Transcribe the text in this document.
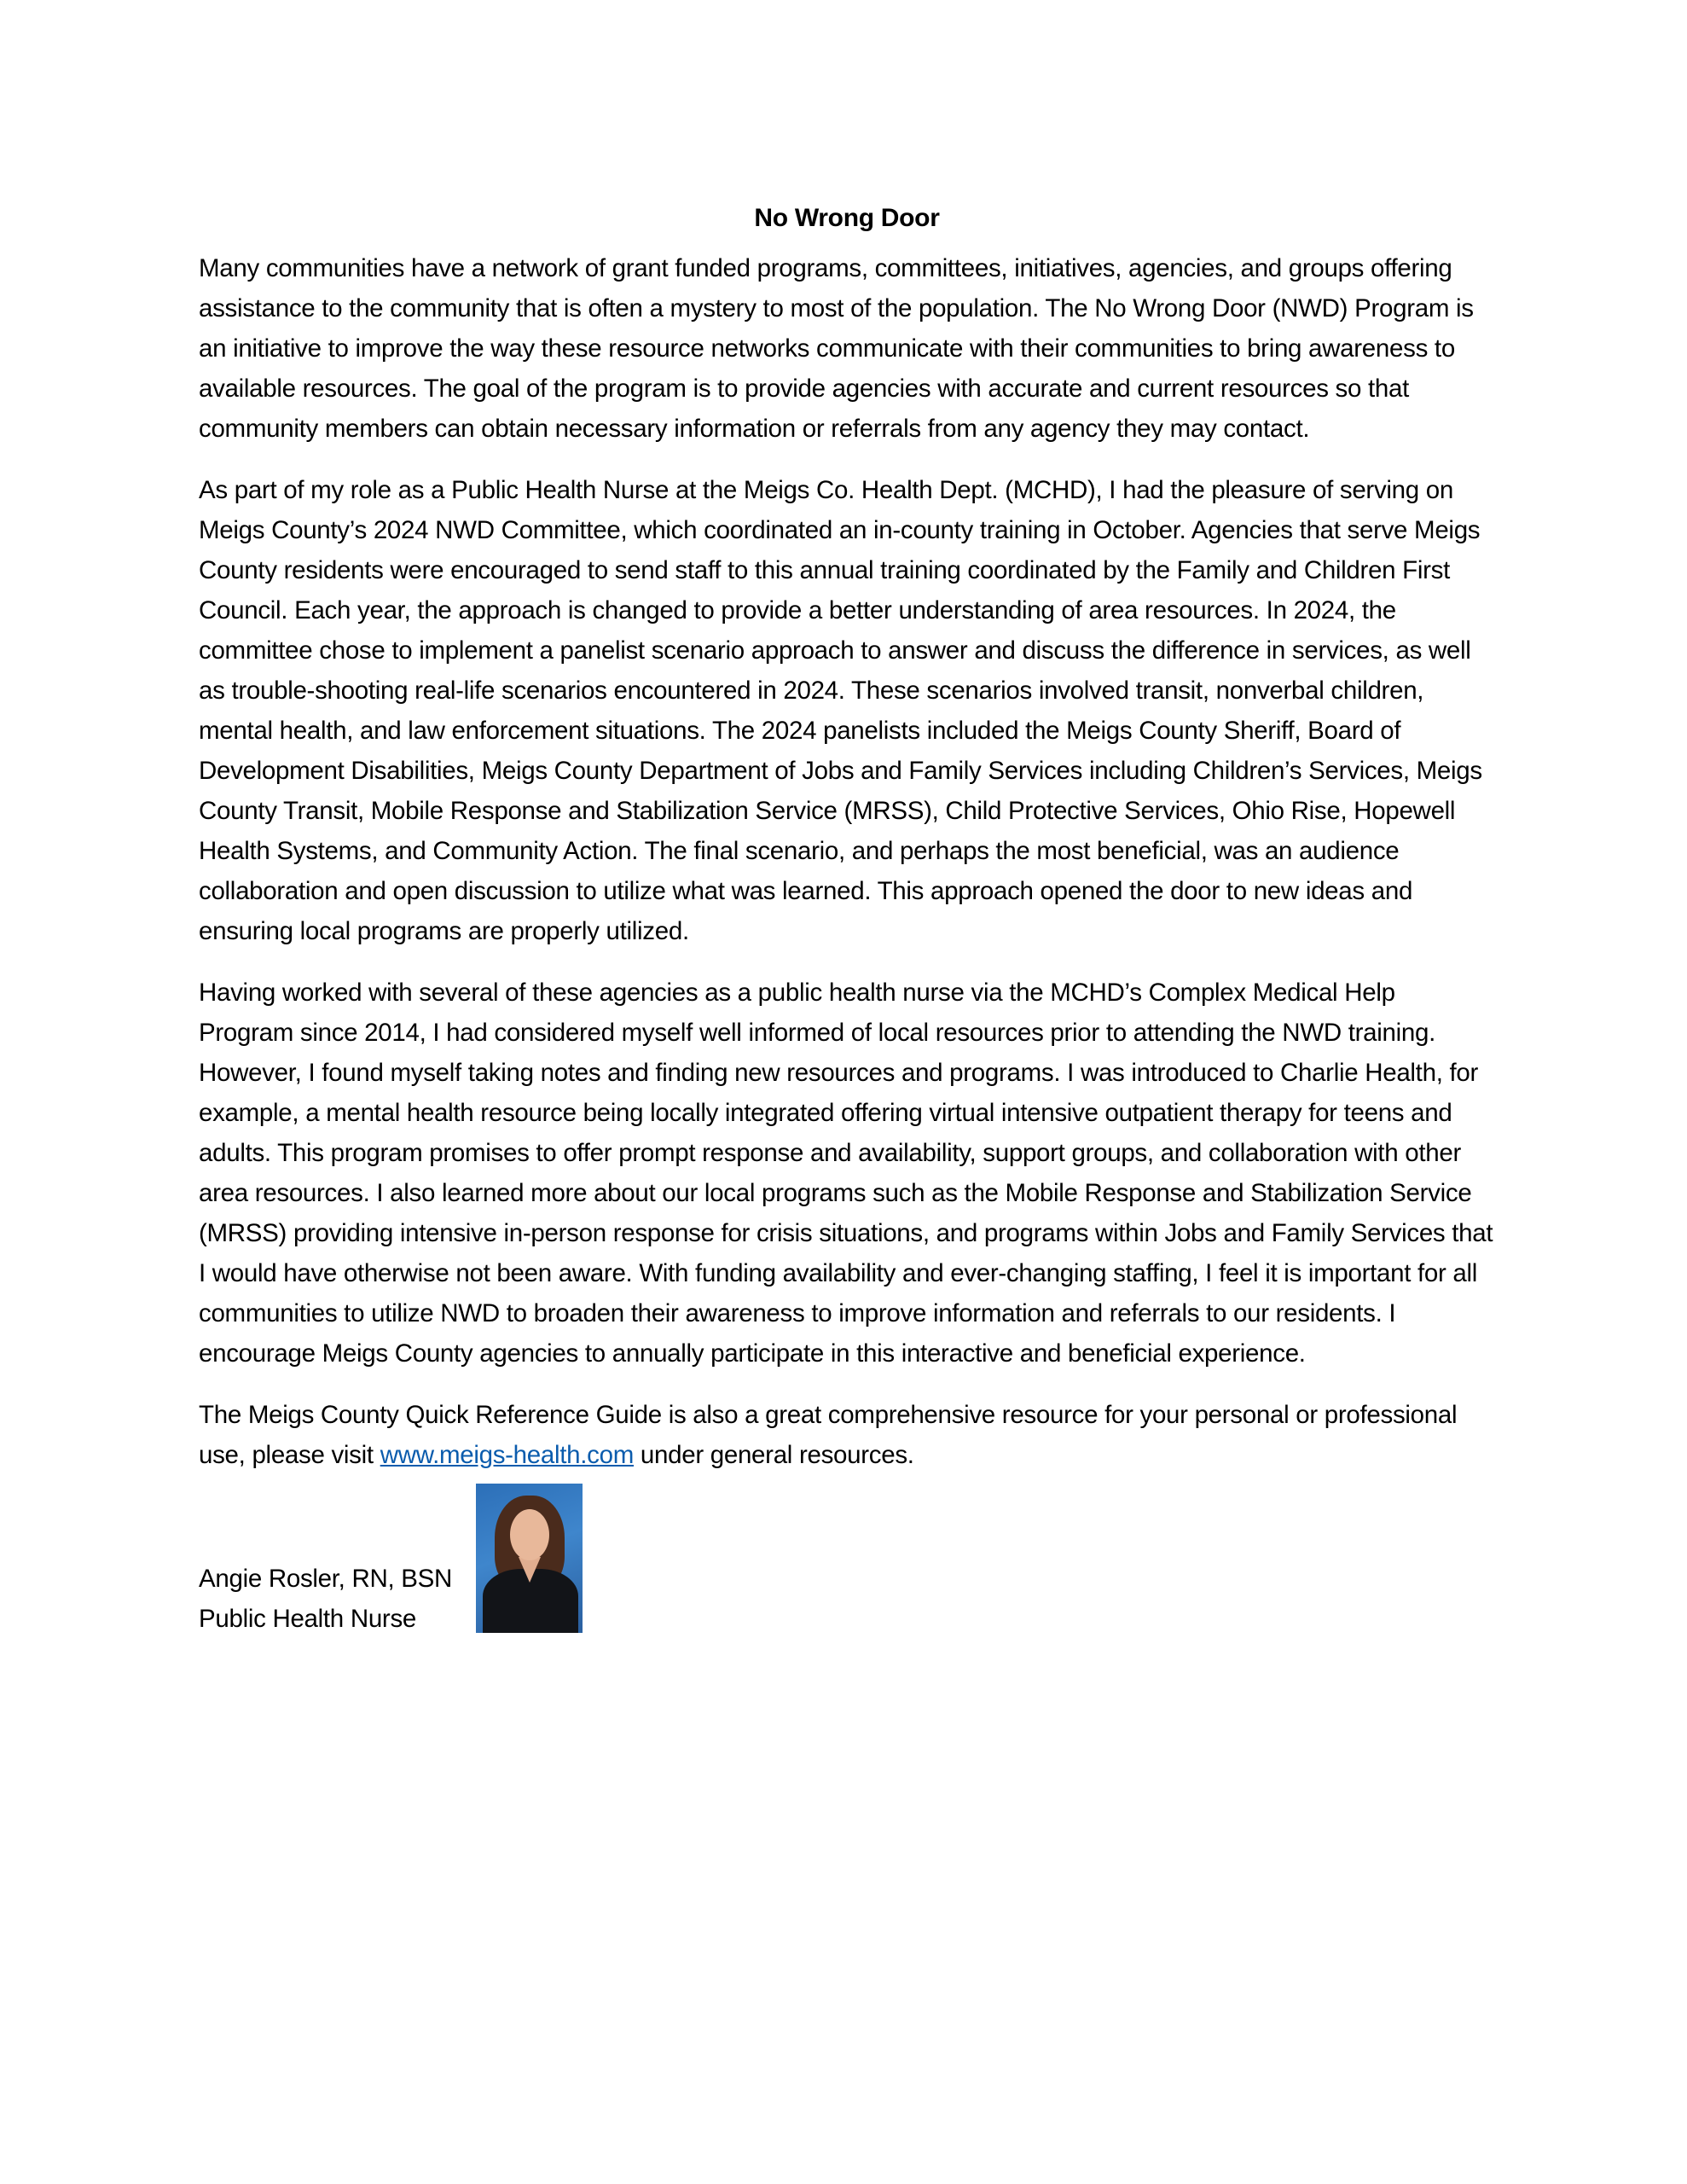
No Wrong Door

Many communities have a network of grant funded programs, committees, initiatives, agencies, and groups offering assistance to the community that is often a mystery to most of the population. The No Wrong Door (NWD) Program is an initiative to improve the way these resource networks communicate with their communities to bring awareness to available resources. The goal of the program is to provide agencies with accurate and current resources so that community members can obtain necessary information or referrals from any agency they may contact.

As part of my role as a Public Health Nurse at the Meigs Co. Health Dept. (MCHD), I had the pleasure of serving on Meigs County’s 2024 NWD Committee, which coordinated an in-county training in October. Agencies that serve Meigs County residents were encouraged to send staff to this annual training coordinated by the Family and Children First Council. Each year, the approach is changed to provide a better understanding of area resources. In 2024, the committee chose to implement a panelist scenario approach to answer and discuss the difference in services, as well as trouble-shooting real-life scenarios encountered in 2024. These scenarios involved transit, nonverbal children, mental health, and law enforcement situations. The 2024 panelists included the Meigs County Sheriff, Board of Development Disabilities, Meigs County Department of Jobs and Family Services including Children’s Services, Meigs County Transit, Mobile Response and Stabilization Service (MRSS), Child Protective Services, Ohio Rise, Hopewell Health Systems, and Community Action. The final scenario, and perhaps the most beneficial, was an audience collaboration and open discussion to utilize what was learned. This approach opened the door to new ideas and ensuring local programs are properly utilized.

Having worked with several of these agencies as a public health nurse via the MCHD’s Complex Medical Help Program since 2014, I had considered myself well informed of local resources prior to attending the NWD training. However, I found myself taking notes and finding new resources and programs. I was introduced to Charlie Health, for example, a mental health resource being locally integrated offering virtual intensive outpatient therapy for teens and adults. This program promises to offer prompt response and availability, support groups, and collaboration with other area resources. I also learned more about our local programs such as the Mobile Response and Stabilization Service (MRSS) providing intensive in-person response for crisis situations, and programs within Jobs and Family Services that I would have otherwise not been aware. With funding availability and ever-changing staffing, I feel it is important for all communities to utilize NWD to broaden their awareness to improve information and referrals to our residents. I encourage Meigs County agencies to annually participate in this interactive and beneficial experience.

The Meigs County Quick Reference Guide is also a great comprehensive resource for your personal or professional use, please visit www.meigs-health.com under general resources.

Angie Rosler, RN, BSN
Public Health Nurse
